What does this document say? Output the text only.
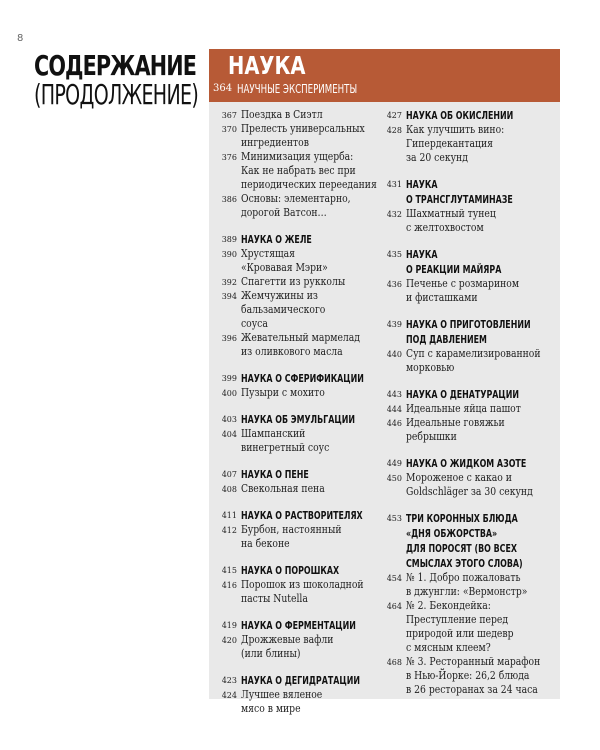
8
СОДЕРЖАНИЕ
(ПРОДОЛЖЕНИЕ)
НАУКА
364 НАУЧНЫЕ ЭКСПЕРИМЕНТЫ
367 Поездка в Сиэтл
370 Прелесть универсальных
ингредиентов
376 Минимизация ущерба:
Как не набрать вес при
периодических переедания
386 Основы: элементарно,
дорогой Ватсон…
389 НАУКА О ЖЕЛЕ
390 Хрустящая
«Кровавая Мэри»
392 Спагетти из рукколы
394 Жемчужины из
бальзамического
соуса
396 Жевательный мармелад
из оливкового масла
399 НАУКА О СФЕРИФИКАЦИИ
400 Пузыри с мохито
403 НАУКА ОБ ЭМУЛЬГАЦИИ
404 Шампанский
винегретный соус
407 НАУКА О ПЕНЕ
408 Свекольная пена
411 НАУКА О РАСТВОРИТЕЛЯХ
412 Бурбон, настоянный
на беконе
415 НАУКА О ПОРОШКАХ
416 Порошок из шоколадной
пасты Nutella
419 НАУКА О ФЕРМЕНТАЦИИ
420 Дрожжевые вафли
(или блины)
423 НАУКА О ДЕГИДРАТАЦИИ
424 Лучшее вяленое
мясо в мире
427 НАУКА ОБ ОКИСЛЕНИИ
428 Как улучшить вино:
Гипердекантация
за 20 секунд
431 НАУКА
О ТРАНСГЛУТАМИНАЗЕ
432 Шахматный тунец
с желтохвостом
435 НАУКА
О РЕАКЦИИ МАЙЯРА
436 Печенье с розмарином
и фисташками
439 НАУКА О ПРИГОТОВЛЕНИИ
ПОД ДАВЛЕНИЕМ
440 Суп с карамелизированной
морковью
443 НАУКА О ДЕНАТУРАЦИИ
444 Идеальные яйца пашот
446 Идеальные говяжьи
ребрышки
449 НАУКА О ЖИДКОМ АЗОТЕ
450 Мороженое с какао и
Goldschläger за 30 секунд
453 ТРИ КОРОННЫХ БЛЮДА
«ДНЯ ОБЖОРСТВА»
ДЛЯ ПОРОСЯТ (ВО ВСЕХ
СМЫСЛАХ ЭТОГО СЛОВА)
454 № 1. Добро пожаловать
в джунгли: «Вермонстр»
464 № 2. Бекондейка:
Преступление перед
природой или шедевр
с мясным клеем?
468 № 3. Ресторанный марафон
в Нью-Йорке: 26,2 блюда
в 26 ресторанах за 24 часа
